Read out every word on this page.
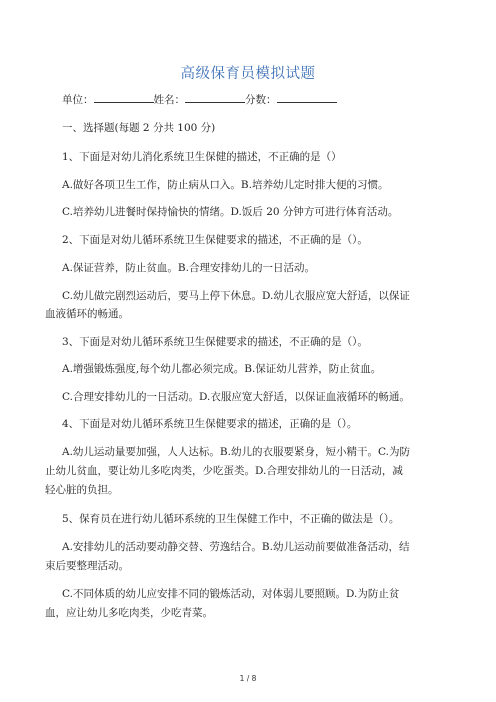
高级保育员模拟试题
单位：	姓名：	分数：
一、选择题(每题 2 分共 100 分)
1、下面是对幼儿消化系统卫生保健的描述，不正确的是（）
A.做好各项卫生工作，防止病从口入。B.培养幼儿定时排大便的习惯。
C.培养幼儿进餐时保持愉快的情绪。D.饭后 20 分钟方可进行体育活动。
2、下面是对幼儿循环系统卫生保健要求的描述，不正确的是（）。
A.保证营养，防止贫血。B.合理安排幼儿的一日活动。
C.幼儿做完剧烈运动后，要马上停下休息。D.幼儿衣服应宽大舒适，以保证
血液循环的畅通。
3、下面是对幼儿循环系统卫生保健要求的描述，不正确的是（）。
A.增强锻炼强度,每个幼儿都必须完成。B.保证幼儿营养，防止贫血。
C.合理安排幼儿的一日活动。D.衣服应宽大舒适，以保证血液循环的畅通。
4、下面是对幼儿循环系统卫生保健要求的描述，正确的是（）。
A.幼儿运动量要加强，人人达标。B.幼儿的衣服要紧身，短小精干。C.为防
止幼儿贫血，要让幼儿多吃肉类，少吃蛋类。D.合理安排幼儿的一日活动，减
轻心脏的负担。
5、保育员在进行幼儿循环系统的卫生保健工作中，不正确的做法是（）。
A.安排幼儿的活动要动静交替、劳逸结合。B.幼儿运动前要做准备活动，结
束后要整理活动。
C.不同体质的幼儿应安排不同的锻炼活动，对体弱儿要照顾。D.为防止贫
血，应让幼儿多吃肉类，少吃青菜。
1 / 8
